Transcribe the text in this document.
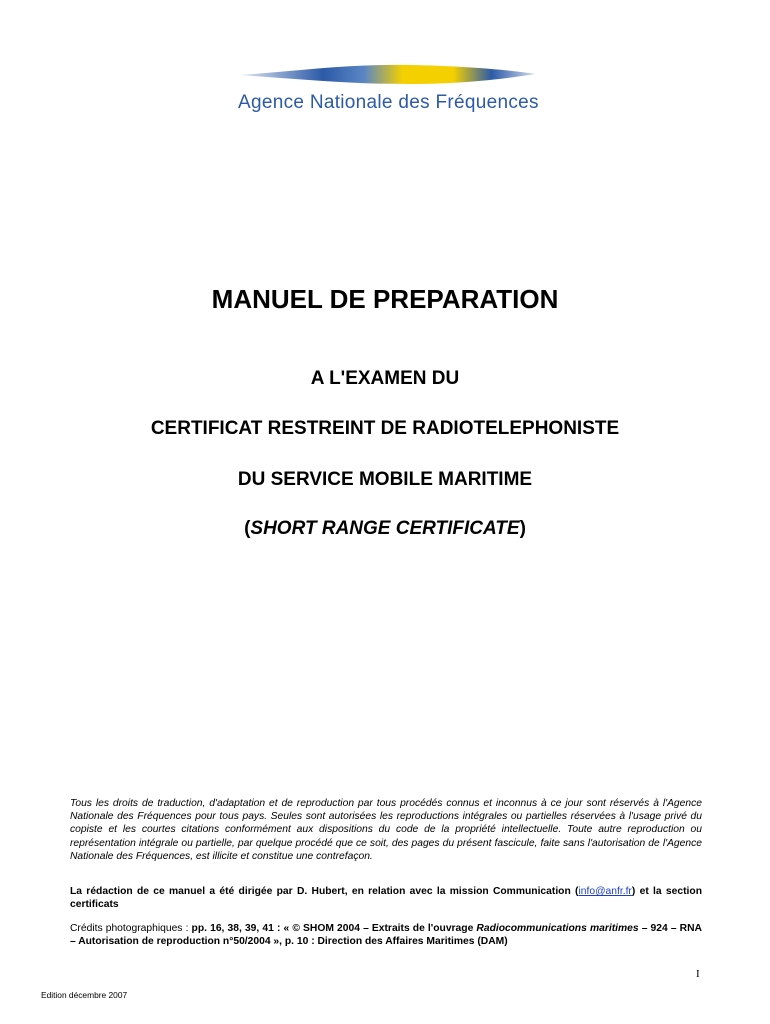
Agence Nationale des Fréquences
MANUEL DE PREPARATION
A L'EXAMEN DU
CERTIFICAT RESTREINT DE RADIOTELEPHONISTE
DU SERVICE MOBILE MARITIME
(SHORT RANGE CERTIFICATE)
Tous les droits de traduction, d'adaptation et de reproduction par tous procédés connus et inconnus à ce jour sont réservés à l'Agence Nationale des Fréquences pour tous pays. Seules sont autorisées les reproductions intégrales ou partielles réservées à l'usage privé du copiste et les courtes citations conformément aux dispositions du code de la propriété intellectuelle. Toute autre reproduction ou représentation intégrale ou partielle, par quelque procédé que ce soit, des pages du présent fascicule, faite sans l'autorisation de l'Agence Nationale des Fréquences, est illicite et constitue une contrefaçon.
La rédaction de ce manuel a été dirigée par D. Hubert, en relation avec la mission Communication (info@anfr.fr) et la section certificats
Crédits photographiques : pp. 16, 38, 39, 41 : « © SHOM 2004 – Extraits de l'ouvrage Radiocommunications maritimes – 924 – RNA – Autorisation de reproduction n°50/2004 », p. 10 : Direction des Affaires Maritimes (DAM)
I
Edition décembre 2007
